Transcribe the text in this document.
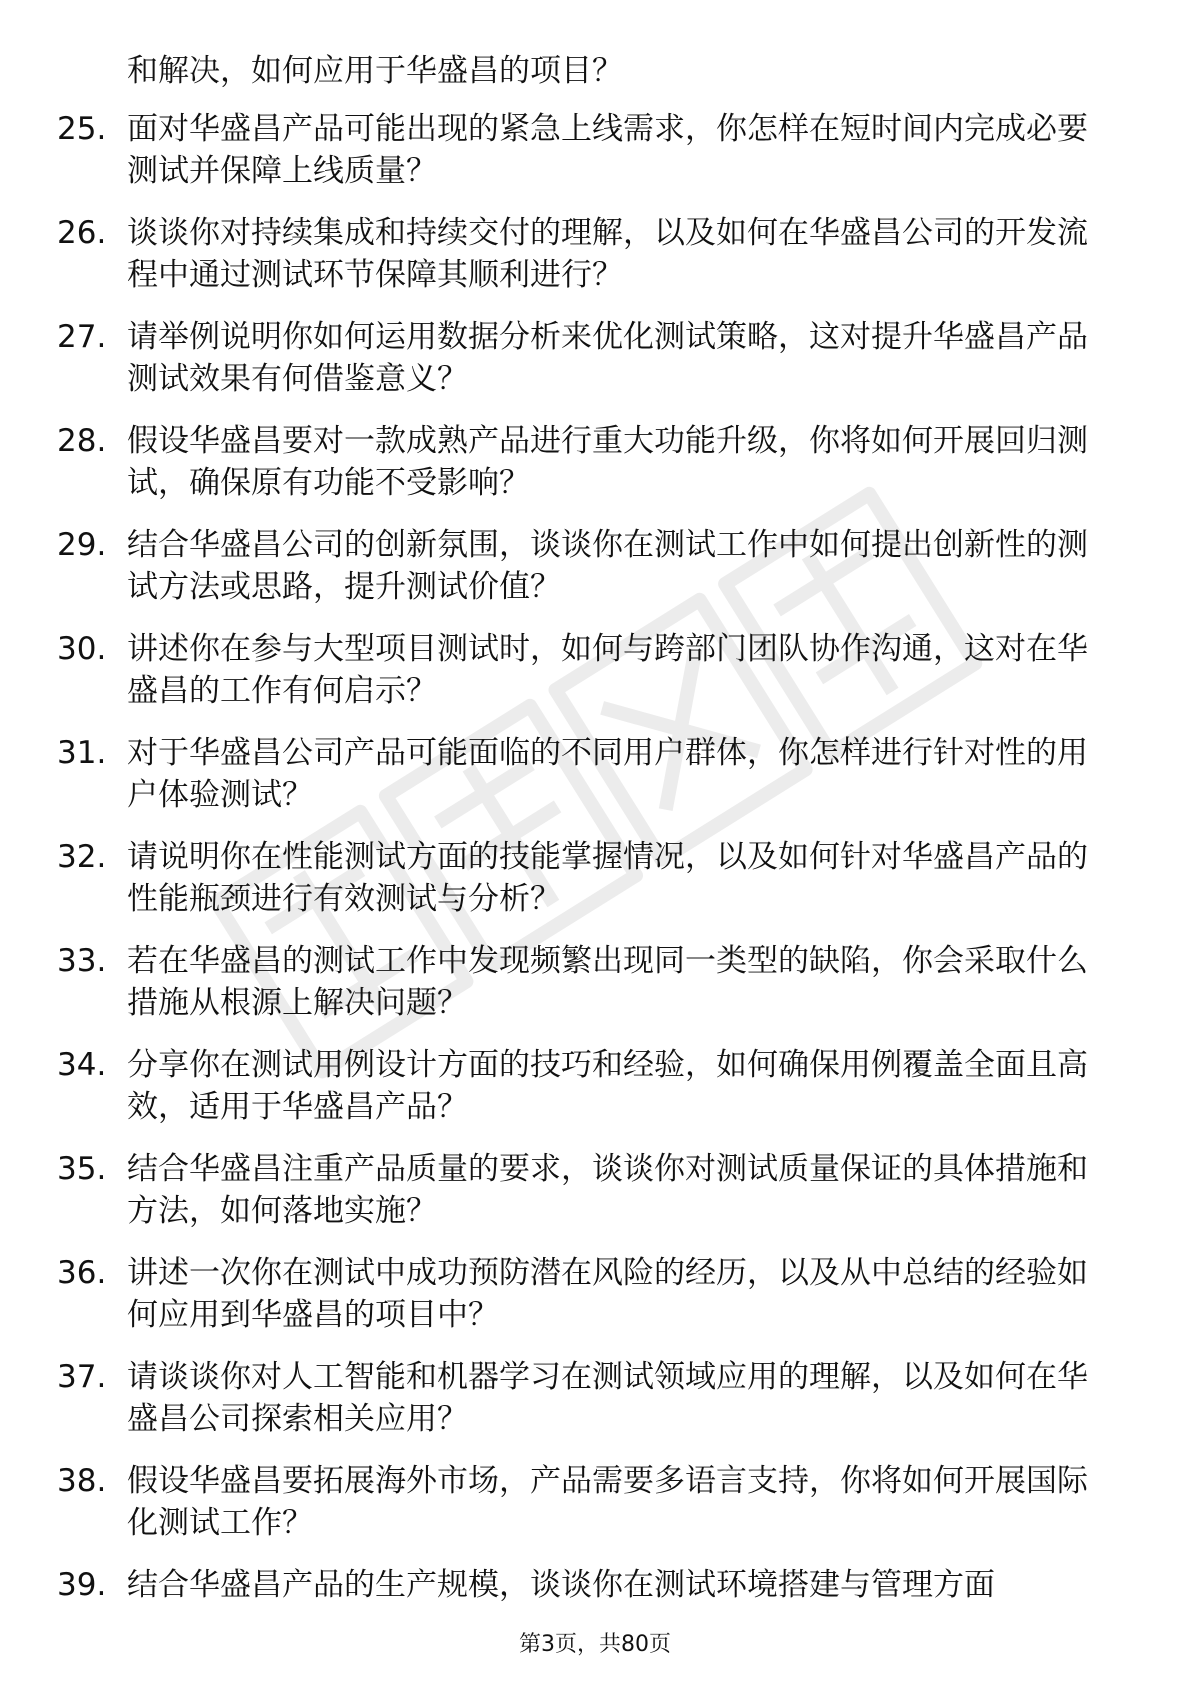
和解决，如何应用于华盛昌的项目？

25. 面对华盛昌产品可能出现的紧急上线需求，你怎样在短时间内完成必要测试并保障上线质量？
26. 谈谈你对持续集成和持续交付的理解，以及如何在华盛昌公司的开发流程中通过测试环节保障其顺利进行？
27. 请举例说明你如何运用数据分析来优化测试策略，这对提升华盛昌产品测试效果有何借鉴意义？
28. 假设华盛昌要对一款成熟产品进行重大功能升级，你将如何开展回归测试，确保原有功能不受影响？
29. 结合华盛昌公司的创新氛围，谈谈你在测试工作中如何提出创新性的测试方法或思路，提升测试价值？
30. 讲述你在参与大型项目测试时，如何与跨部门团队协作沟通，这对在华盛昌的工作有何启示？
31. 对于华盛昌公司产品可能面临的不同用户群体，你怎样进行针对性的用户体验测试？
32. 请说明你在性能测试方面的技能掌握情况，以及如何针对华盛昌产品的性能瓶颈进行有效测试与分析？
33. 若在华盛昌的测试工作中发现频繁出现同一类型的缺陷，你会采取什么措施从根源上解决问题？
34. 分享你在测试用例设计方面的技巧和经验，如何确保用例覆盖全面且高效，适用于华盛昌产品？
35. 结合华盛昌注重产品质量的要求，谈谈你对测试质量保证的具体措施和方法，如何落地实施？
36. 讲述一次你在测试中成功预防潜在风险的经历，以及从中总结的经验如何应用到华盛昌的项目中？
37. 请谈谈你对人工智能和机器学习在测试领域应用的理解，以及如何在华盛昌公司探索相关应用？
38. 假设华盛昌要拓展海外市场，产品需要多语言支持，你将如何开展国际化测试工作？
39. 结合华盛昌产品的生产规模，谈谈你在测试环境搭建与管理方面
第3页，共80页
